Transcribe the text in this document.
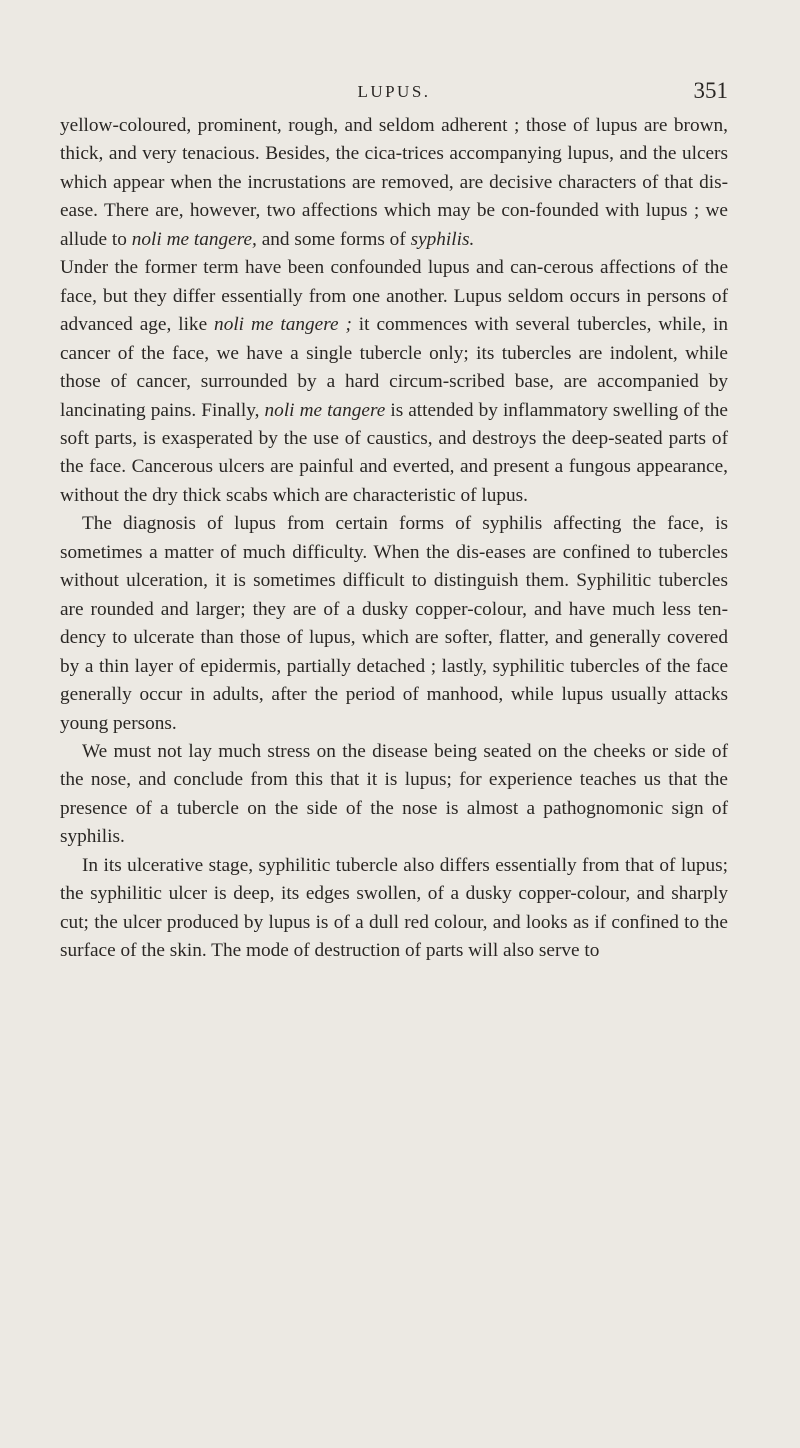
LUPUS.	351

yellow-coloured, prominent, rough, and seldom adherent ; those of lupus are brown, thick, and very tenacious. Besides, the cica-trices accompanying lupus, and the ulcers which appear when the incrustations are removed, are decisive characters of that dis-ease. There are, however, two affections which may be con-founded with lupus ; we allude to noli me tangere, and some forms of syphilis.

Under the former term have been confounded lupus and can-cerous affections of the face, but they differ essentially from one another. Lupus seldom occurs in persons of advanced age, like noli me tangere ; it commences with several tubercles, while, in cancer of the face, we have a single tubercle only; its tubercles are indolent, while those of cancer, surrounded by a hard circum-scribed base, are accompanied by lancinating pains. Finally, noli me tangere is attended by inflammatory swelling of the soft parts, is exasperated by the use of caustics, and destroys the deep-seated parts of the face. Cancerous ulcers are painful and everted, and present a fungous appearance, without the dry thick scabs which are characteristic of lupus.

The diagnosis of lupus from certain forms of syphilis affecting the face, is sometimes a matter of much difficulty. When the dis-eases are confined to tubercles without ulceration, it is sometimes difficult to distinguish them. Syphilitic tubercles are rounded and larger; they are of a dusky copper-colour, and have much less ten-dency to ulcerate than those of lupus, which are softer, flatter, and generally covered by a thin layer of epidermis, partially detached ; lastly, syphilitic tubercles of the face generally occur in adults, after the period of manhood, while lupus usually attacks young persons.

We must not lay much stress on the disease being seated on the cheeks or side of the nose, and conclude from this that it is lupus; for experience teaches us that the presence of a tubercle on the side of the nose is almost a pathognomonic sign of syphilis.

In its ulcerative stage, syphilitic tubercle also differs essentially from that of lupus; the syphilitic ulcer is deep, its edges swollen, of a dusky copper-colour, and sharply cut; the ulcer produced by lupus is of a dull red colour, and looks as if confined to the surface of the skin. The mode of destruction of parts will also serve to
